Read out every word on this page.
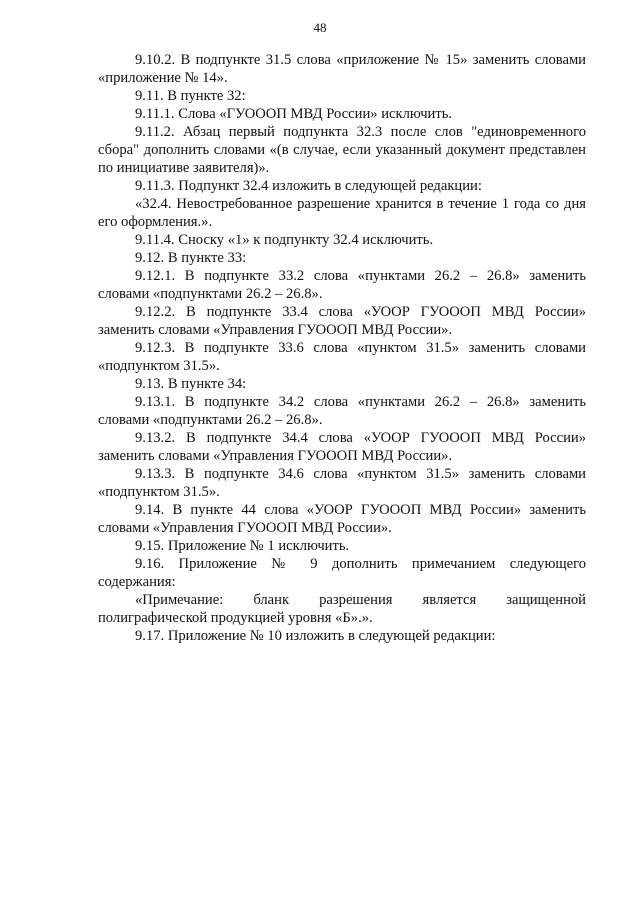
48

9.10.2. В подпункте 31.5 слова «приложение № 15» заменить словами «приложение № 14».

9.11. В пункте 32:

9.11.1. Слова «ГУОООП МВД России» исключить.

9.11.2. Абзац первый подпункта 32.3 после слов "единовременного сбора" дополнить словами «(в случае, если указанный документ представлен по инициативе заявителя)».

9.11.3. Подпункт 32.4 изложить в следующей редакции:

«32.4. Невостребованное разрешение хранится в течение 1 года со дня его оформления.».

9.11.4. Сноску «1» к подпункту 32.4 исключить.

9.12. В пункте 33:

9.12.1. В подпункте 33.2 слова «пунктами 26.2 – 26.8» заменить словами «подпунктами 26.2 – 26.8».

9.12.2. В подпункте 33.4 слова «УООР ГУОООП МВД России» заменить словами «Управления ГУОООП МВД России».

9.12.3. В подпункте 33.6 слова «пунктом 31.5» заменить словами «подпунктом 31.5».

9.13. В пункте 34:

9.13.1. В подпункте 34.2 слова «пунктами 26.2 – 26.8» заменить словами «подпунктами 26.2 – 26.8».

9.13.2. В подпункте 34.4 слова «УООР ГУОООП МВД России» заменить словами «Управления ГУОООП МВД России».

9.13.3. В подпункте 34.6 слова «пунктом 31.5» заменить словами «подпунктом 31.5».

9.14. В пункте 44 слова «УООР ГУОООП МВД России» заменить словами «Управления ГУОООП МВД России».

9.15. Приложение № 1 исключить.

9.16. Приложение № 9 дополнить примечанием следующего содержания:

«Примечание: бланк разрешения является защищенной полиграфической продукцией уровня «Б».».

9.17. Приложение № 10 изложить в следующей редакции:
